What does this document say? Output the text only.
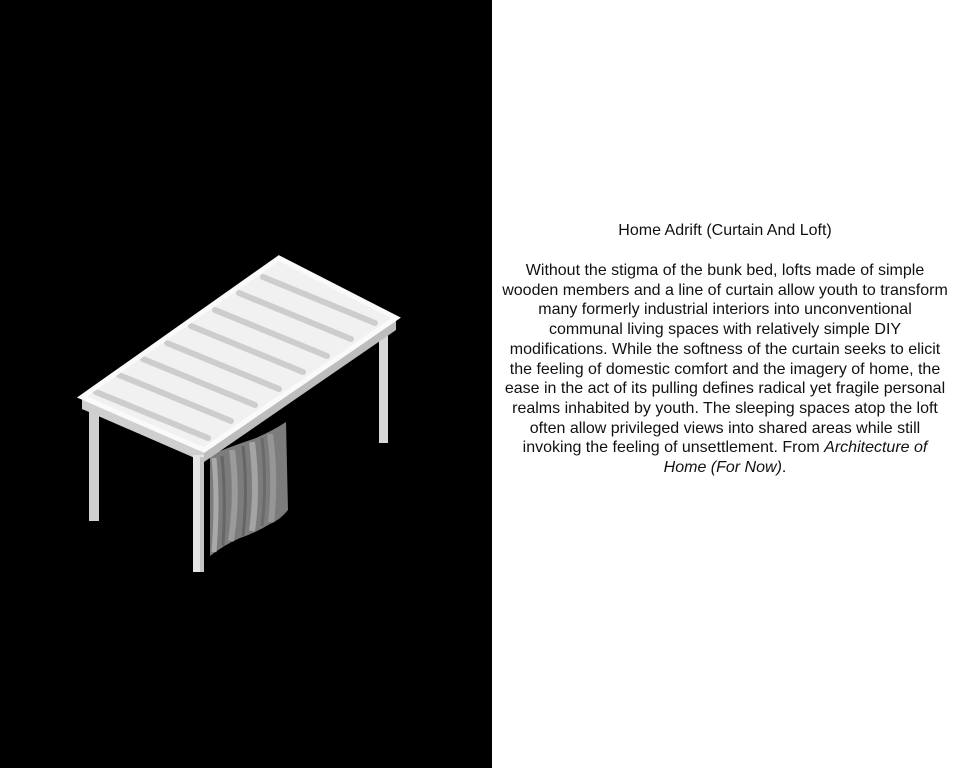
Home Adrift (Curtain And Loft)

Without the stigma of the bunk bed, lofts made of simple wooden members and a line of curtain allow youth to transform many formerly industrial interiors into unconventional communal living spaces with relatively simple DIY modifications. While the softness of the curtain seeks to elicit the feeling of domestic comfort and the imagery of home, the ease in the act of its pulling defines radical yet fragile personal realms inhabited by youth. The sleeping spaces atop the loft often allow privileged views into shared areas while still invoking the feeling of unsettlement. From Architecture of Home (For Now).
